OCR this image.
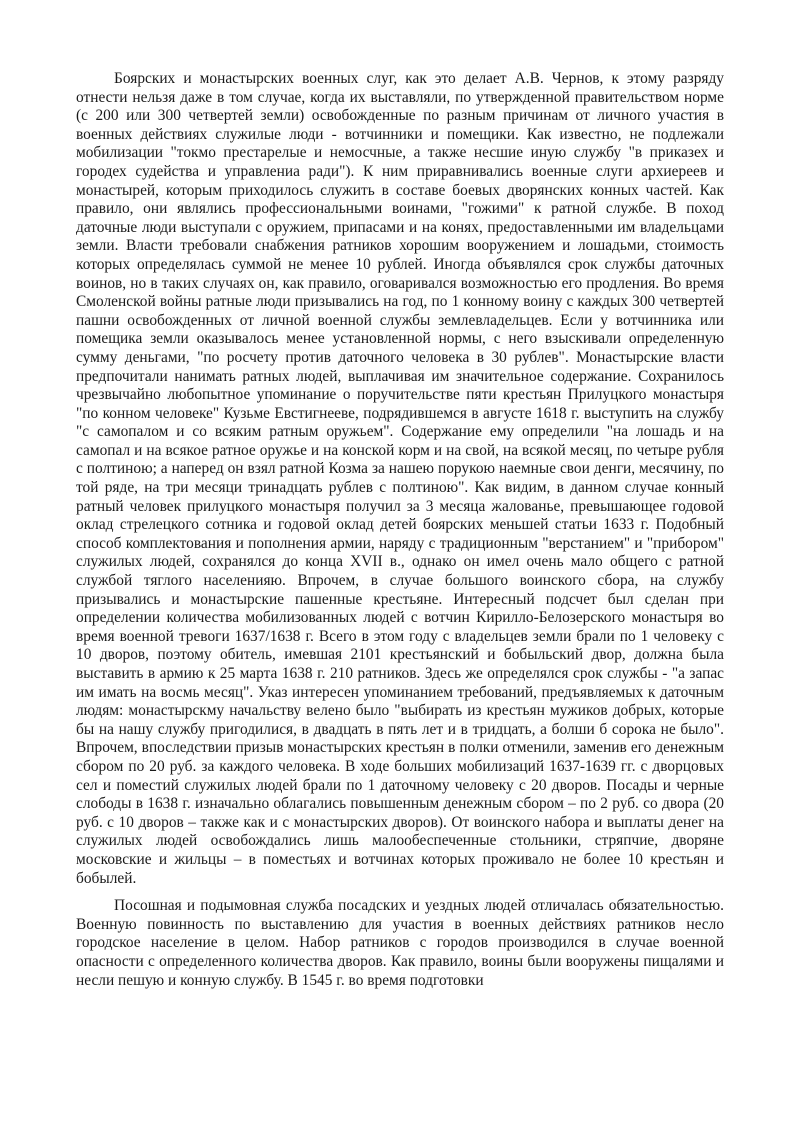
Боярских и монастырских военных слуг, как это делает А.В. Чернов, к этому разряду отнести нельзя даже в том случае, когда их выставляли, по утвержденной правительством норме (с 200 или 300 четвертей земли) освобожденные по разным причинам от личного участия в военных действиях служилые люди - вотчинники и помещики. Как известно, не подлежали мобилизации "токмо престарелые и немосчные, а также несшие иную службу "в приказех и городех судейства и управлениа ради"). К ним приравнивались военные слуги архиереев и монастырей, которым приходилось служить в составе боевых дворянских конных частей. Как правило, они являлись профессиональными воинами, "гожими" к ратной службе. В поход даточные люди выступали с оружием, припасами и на конях, предоставленными им владельцами земли. Власти требовали снабжения ратников хорошим вооружением и лошадьми, стоимость которых определялась суммой не менее 10 рублей. Иногда объявлялся срок службы даточных воинов, но в таких случаях он, как правило, оговаривался возможностью его продления. Во время Смоленской войны ратные люди призывались на год, по 1 конному воину с каждых 300 четвертей пашни освобожденных от личной военной службы землевладельцев. Если у вотчинника или помещика земли оказывалось менее установленной нормы, с него взыскивали определенную сумму деньгами, "по росчету против даточного человека в 30 рублев". Монастырские власти предпочитали нанимать ратных людей, выплачивая им значительное содержание. Сохранилось чрезвычайно любопытное упоминание о поручительстве пяти крестьян Прилуцкого монастыря "по конном человеке" Кузьме Евстигнееве, подрядившемся в августе 1618 г. выступить на службу "с самопалом и со всяким ратным оружьем". Содержание ему определили "на лошадь и на самопал и на всякое ратное оружье и на конской корм и на свой, на всякой месяц, по четыре рубля с полтиною; а наперед он взял ратной Козма за нашею порукою наемные свои денги, месячину, по той ряде, на три месяци тринадцать рублев с полтиною". Как видим, в данном случае конный ратный человек прилуцкого монастыря получил за 3 месяца жалованье, превышающее годовой оклад стрелецкого сотника и годовой оклад детей боярских меньшей статьи 1633 г. Подобный способ комплектования и пополнения армии, наряду с традиционным "верстанием" и "прибором" служилых людей, сохранялся до конца XVII в., однако он имел очень мало общего с ратной службой тяглого населенияю. Впрочем, в случае большого воинского сбора, на службу призывались и монастырские пашенные крестьяне. Интересный подсчет был сделан при определении количества мобилизованных людей с вотчин Кирилло-Белозерского монастыря во время военной тревоги 1637/1638 г. Всего в этом году с владельцев земли брали по 1 человеку с 10 дворов, поэтому обитель, имевшая 2101 крестьянский и бобыльский двор, должна была выставить в армию к 25 марта 1638 г. 210 ратников. Здесь же определялся срок службы - "а запас им имать на восмь месяц". Указ интересен упоминанием требований, предъявляемых к даточным людям: монастырскму начальству велено было "выбирать из крестьян мужиков добрых, которые бы на нашу службу пригодилися, в двадцать в пять лет и в тридцать, а болши б сорока не было". Впрочем, впоследствии призыв монастырских крестьян в полки отменили, заменив его денежным сбором по 20 руб. за каждого человека. В ходе больших мобилизаций 1637-1639 гг. с дворцовых сел и поместий служилых людей брали по 1 даточному человеку с 20 дворов. Посады и черные слободы в 1638 г. изначально облагались повышенным денежным сбором – по 2 руб. со двора (20 руб. с 10 дворов – также как и с монастырских дворов). От воинского набора и выплаты денег на служилых людей освобождались лишь малообеспеченные стольники, стряпчие, дворяне московские и жильцы – в поместьях и вотчинах которых проживало не более 10 крестьян и бобылей.

Посошная и подымовная служба посадских и уездных людей отличалась обязательностью. Военную повинность по выставлению для участия в военных действиях ратников несло городское население в целом. Набор ратников с городов производился в случае военной опасности с определенного количества дворов. Как правило, воины были вооружены пищалями и несли пешую и конную службу. В 1545 г. во время подготовки
